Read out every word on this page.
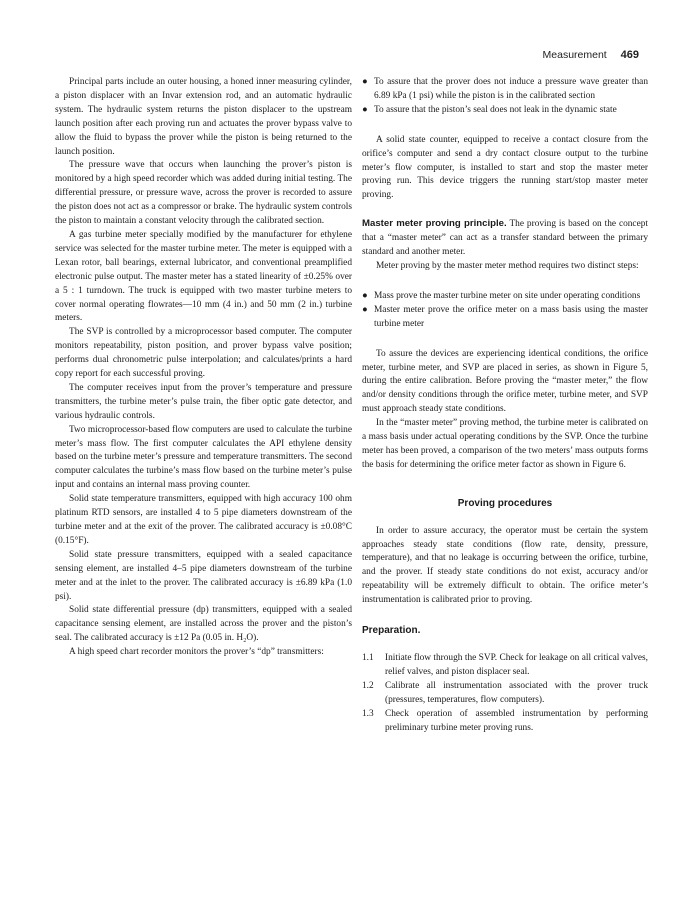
Measurement 469

Principal parts include an outer housing, a honed inner measuring cylinder, a piston displacer with an Invar extension rod, and an automatic hydraulic system. The hydraulic system returns the piston displacer to the upstream launch position after each proving run and actuates the prover bypass valve to allow the fluid to bypass the prover while the piston is being returned to the launch position.

The pressure wave that occurs when launching the prover’s piston is monitored by a high speed recorder which was added during initial testing. The differential pressure, or pressure wave, across the prover is recorded to assure the piston does not act as a compressor or brake. The hydraulic system controls the piston to maintain a constant velocity through the calibrated section.

A gas turbine meter specially modified by the manufacturer for ethylene service was selected for the master turbine meter. The meter is equipped with a Lexan rotor, ball bearings, external lubricator, and conventional preamplified electronic pulse output. The master meter has a stated linearity of ±0.25% over a 5 : 1 turndown. The truck is equipped with two master turbine meters to cover normal operating flowrates—10 mm (4 in.) and 50 mm (2 in.) turbine meters.

The SVP is controlled by a microprocessor based computer. The computer monitors repeatability, piston position, and prover bypass valve position; performs dual chronometric pulse interpolation; and calculates/prints a hard copy report for each successful proving.

The computer receives input from the prover’s temperature and pressure transmitters, the turbine meter’s pulse train, the fiber optic gate detector, and various hydraulic controls.

Two microprocessor-based flow computers are used to calculate the turbine meter’s mass flow. The first computer calculates the API ethylene density based on the turbine meter’s pressure and temperature transmitters. The second computer calculates the turbine’s mass flow based on the turbine meter’s pulse input and contains an internal mass proving counter.

Solid state temperature transmitters, equipped with high accuracy 100 ohm platinum RTD sensors, are installed 4 to 5 pipe diameters downstream of the turbine meter and at the exit of the prover. The calibrated accuracy is ±0.08°C (0.15°F).

Solid state pressure transmitters, equipped with a sealed capacitance sensing element, are installed 4–5 pipe diameters downstream of the turbine meter and at the inlet to the prover. The calibrated accuracy is ±6.89 kPa (1.0 psi).

Solid state differential pressure (dp) transmitters, equipped with a sealed capacitance sensing element, are installed across the prover and the piston’s seal. The calibrated accuracy is ±12 Pa (0.05 in. H₂O).

A high speed chart recorder monitors the prover’s “dp” transmitters:

● To assure that the prover does not induce a pressure wave greater than 6.89 kPa (1 psi) while the piston is in the calibrated section
● To assure that the piston’s seal does not leak in the dynamic state

A solid state counter, equipped to receive a contact closure from the orifice’s computer and send a dry contact closure output to the turbine meter’s flow computer, is installed to start and stop the master meter proving run. This device triggers the running start/stop master meter proving.

Master meter proving principle. The proving is based on the concept that a “master meter” can act as a transfer standard between the primary standard and another meter.

Meter proving by the master meter method requires two distinct steps:

● Mass prove the master turbine meter on site under operating conditions
● Master meter prove the orifice meter on a mass basis using the master turbine meter

To assure the devices are experiencing identical conditions, the orifice meter, turbine meter, and SVP are placed in series, as shown in Figure 5, during the entire calibration. Before proving the “master meter,” the flow and/or density conditions through the orifice meter, turbine meter, and SVP must approach steady state conditions.

In the “master meter” proving method, the turbine meter is calibrated on a mass basis under actual operating conditions by the SVP. Once the turbine meter has been proved, a comparison of the two meters’ mass outputs forms the basis for determining the orifice meter factor as shown in Figure 6.

Proving procedures

In order to assure accuracy, the operator must be certain the system approaches steady state conditions (flow rate, density, pressure, temperature), and that no leakage is occurring between the orifice, turbine, and the prover. If steady state conditions do not exist, accuracy and/or repeatability will be extremely difficult to obtain. The orifice meter’s instrumentation is calibrated prior to proving.

Preparation.

1.1 Initiate flow through the SVP. Check for leakage on all critical valves, relief valves, and piston displacer seal.
1.2 Calibrate all instrumentation associated with the prover truck (pressures, temperatures, flow computers).
1.3 Check operation of assembled instrumentation by performing preliminary turbine meter proving runs.
